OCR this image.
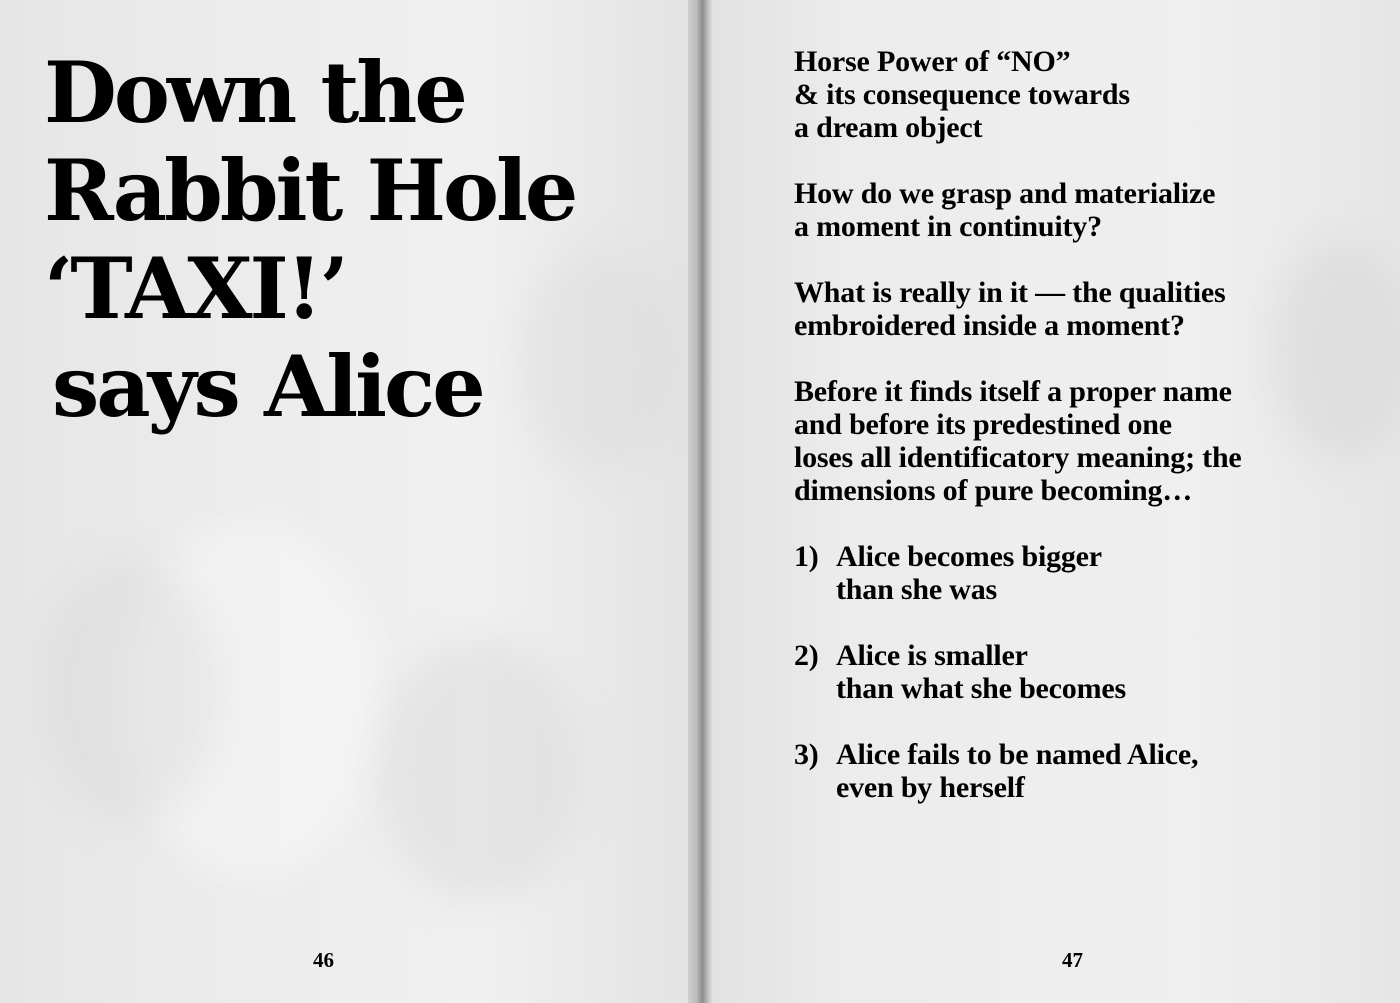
Down the
Rabbit Hole
‘TAXI!’
says Alice
46

Horse Power of “NO”
& its consequence towards
a dream object

How do we grasp and materialize
a moment in continuity?

What is really in it — the qualities
embroidered inside a moment?

Before it finds itself a proper name
and before its predestined one
loses all identificatory meaning; the
dimensions of pure becoming…

1) Alice becomes bigger
than she was
2) Alice is smaller
than what she becomes
3) Alice fails to be named Alice,
even by herself
47
